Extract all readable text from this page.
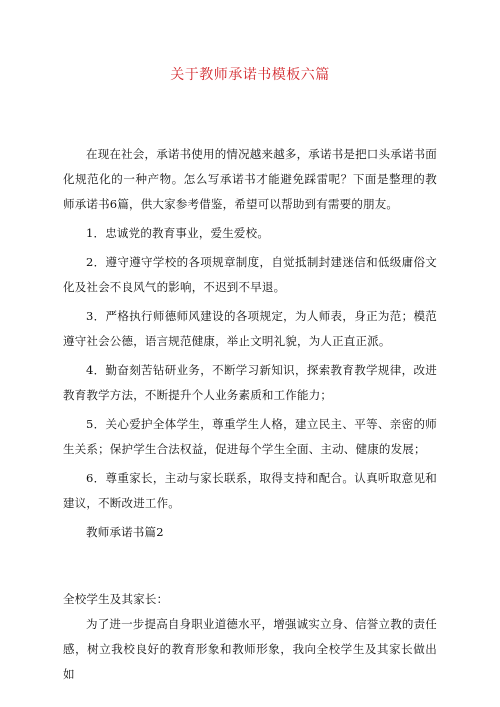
关于教师承诺书模板六篇

在现在社会，承诺书使用的情况越来越多，承诺书是把口头承诺书面化规范化的一种产物。怎么写承诺书才能避免踩雷呢？下面是整理的教师承诺书6篇，供大家参考借鉴，希望可以帮助到有需要的朋友。

1．忠诚党的教育事业，爱生爱校。

2．遵守遵守学校的各项规章制度，自觉抵制封建迷信和低级庸俗文化及社会不良风气的影响，不迟到不早退。

3．严格执行师德师风建设的各项规定，为人师表，身正为范；模范遵守社会公德，语言规范健康，举止文明礼貌，为人正直正派。

4．勤奋刻苦钻研业务，不断学习新知识，探索教育教学规律，改进教育教学方法，不断提升个人业务素质和工作能力；

5．关心爱护全体学生，尊重学生人格，建立民主、平等、亲密的师生关系；保护学生合法权益，促进每个学生全面、主动、健康的发展；

6．尊重家长，主动与家长联系，取得支持和配合。认真听取意见和建议，不断改进工作。

教师承诺书篇2

全校学生及其家长：

为了进一步提高自身职业道德水平，增强诚实立身、信誉立教的责任感，树立我校良好的教育形象和教师形象，我向全校学生及其家长做出如
